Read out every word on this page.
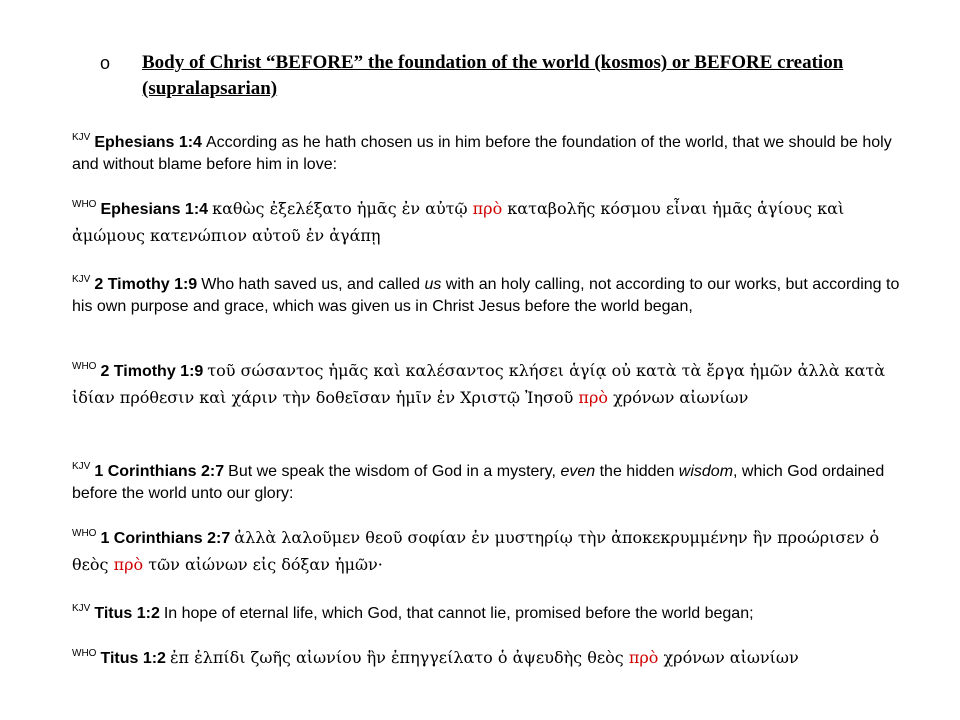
o Body of Christ “BEFORE” the foundation of the world (kosmos) or BEFORE creation (supralapsarian)
$^{KJV}$ Ephesians 1:4 According as he hath chosen us in him before the foundation of the world, that we should be holy and without blame before him in love:
$^{WHO}$ Ephesians 1:4 καθὼς ἐξελέξατο ἡμᾶς ἐν αὐτῷ πρὸ καταβολῆς κόσμου εἶναι ἡμᾶς ἁγίους καὶ ἀμώμους κατενώπιον αὐτοῦ ἐν ἀγάπῃ
$^{KJV}$ 2 Timothy 1:9 Who hath saved us, and called us with an holy calling, not according to our works, but according to his own purpose and grace, which was given us in Christ Jesus before the world began,
$^{WHO}$ 2 Timothy 1:9 τοῦ σώσαντος ἡμᾶς καὶ καλέσαντος κλήσει ἁγίᾳ οὐ κατὰ τὰ ἔργα ἡμῶν ἀλλὰ κατὰ ἰδίαν πρόθεσιν καὶ χάριν τὴν δοθεῖσαν ἡμῖν ἐν Χριστῷ Ἰησοῦ πρὸ χρόνων αἰωνίων
$^{KJV}$ 1 Corinthians 2:7 But we speak the wisdom of God in a mystery, even the hidden wisdom, which God ordained before the world unto our glory:
$^{WHO}$ 1 Corinthians 2:7 ἀλλὰ λαλοῦμεν θεοῦ σοφίαν ἐν μυστηρίῳ τὴν ἀποκεκρυμμένην ἣν προώρισεν ὁ θεὸς πρὸ τῶν αἰώνων εἰς δόξαν ἡμῶν·
$^{KJV}$ Titus 1:2 In hope of eternal life, which God, that cannot lie, promised before the world began;
$^{WHO}$ Titus 1:2 ἐπ ἐλπίδι ζωῆς αἰωνίου ἣν ἐπηγγείλατο ὁ ἀψευδὴς θεὸς πρὸ χρόνων αἰωνίων
